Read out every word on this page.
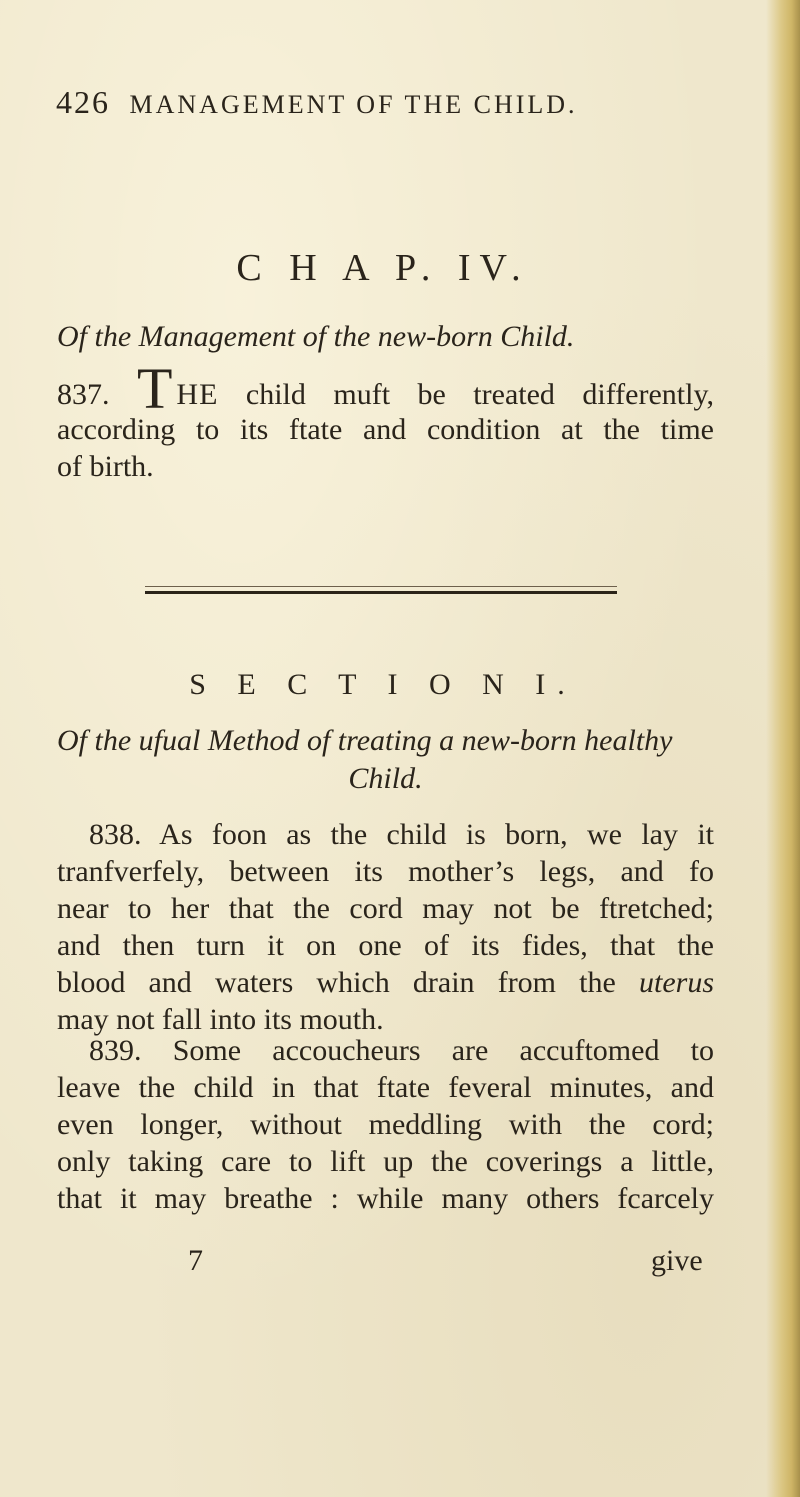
426 MANAGEMENT OF THE CHILD.
C H A P. IV.
Of the Management of the new-born Child.
837. T HE child muft be treated differently,
according to its ftate and condition at the time
of birth.
S E C T I O N I.
Of the ufual Method of treating a new-born healthy
Child.
838. As foon as the child is born, we lay it
tranfverfely, between its mother’s legs, and fo
near to her that the cord may not be ftretched;
and then turn it on one of its fides, that the
blood and waters which drain from the uterus
may not fall into its mouth.
839. Some accoucheurs are accuftomed to
leave the child in that ftate feveral minutes, and
even longer, without meddling with the cord;
only taking care to lift up the coverings a little,
that it may breathe : while many others fcarcely
7	give
